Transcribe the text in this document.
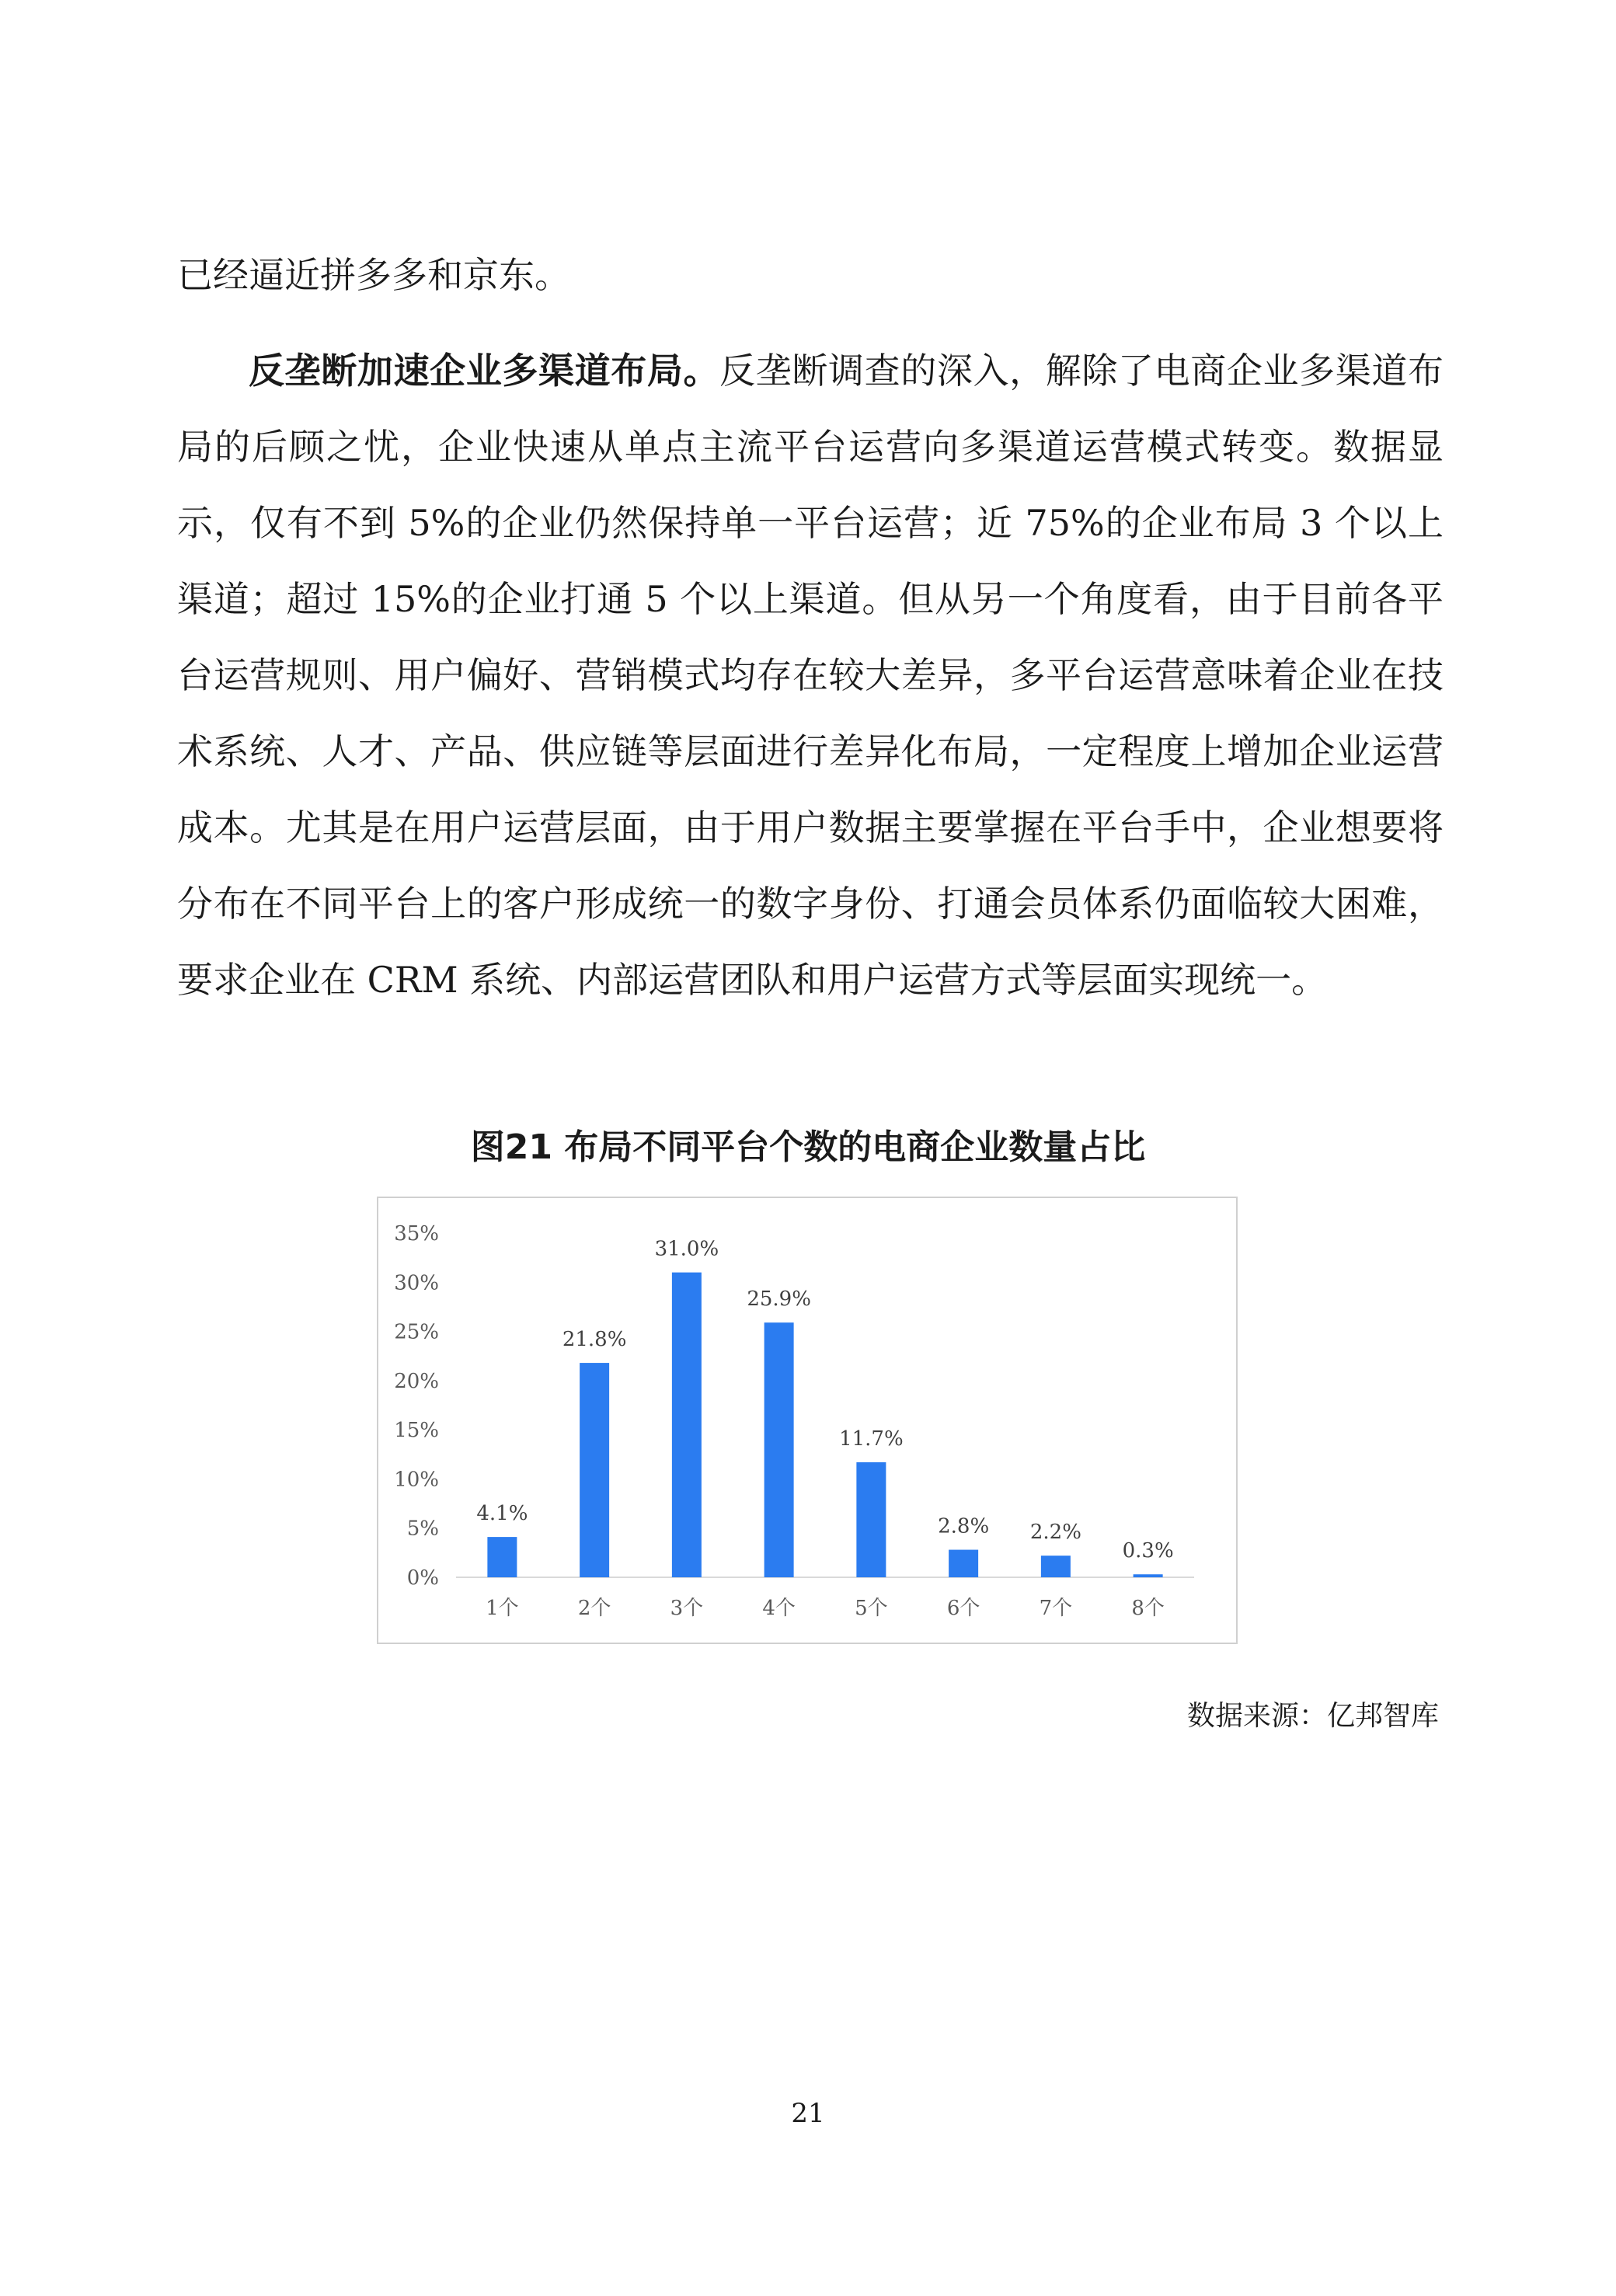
已经逼近拼多多和京东。

反垄断加速企业多渠道布局。反垄断调查的深入，解除了电商企业多渠道布局的后顾之忧，企业快速从单点主流平台运营向多渠道运营模式转变。数据显示，仅有不到 5%的企业仍然保持单一平台运营；近 75%的企业布局 3 个以上渠道；超过 15%的企业打通 5 个以上渠道。但从另一个角度看，由于目前各平台运营规则、用户偏好、营销模式均存在较大差异，多平台运营意味着企业在技术系统、人才、产品、供应链等层面进行差异化布局，一定程度上增加企业运营成本。尤其是在用户运营层面，由于用户数据主要掌握在平台手中，企业想要将分布在不同平台上的客户形成统一的数字身份、打通会员体系仍面临较大困难，要求企业在 CRM 系统、内部运营团队和用户运营方式等层面实现统一。

图21 布局不同平台个数的电商企业数量占比
0%
5%
10%
15%
20%
25%
30%
35%
4.1%
1个
21.8%
2个
31.0%
3个
25.9%
4个
11.7%
5个
2.8%
6个
2.2%
7个
0.3%
8个
数据来源：亿邦智库
21
